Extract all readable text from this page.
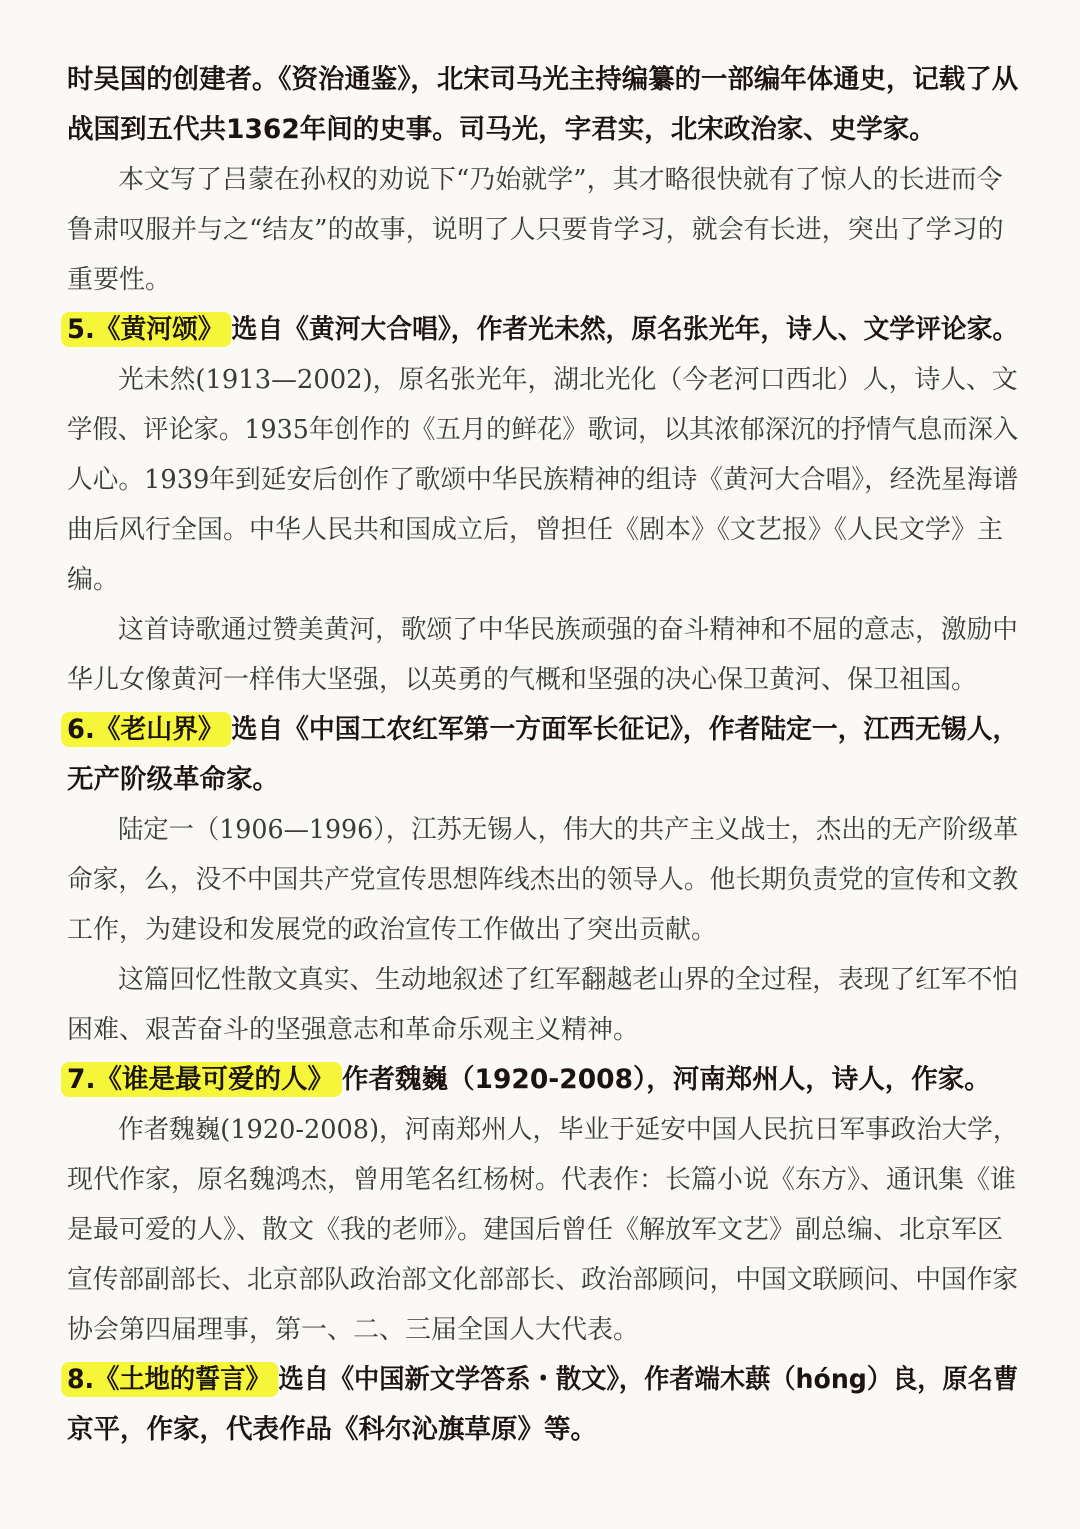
时吴国的创建者。《资治通鉴》，北宋司马光主持编纂的一部编年体通史，记载了从
战国到五代共1362年间的史事。司马光，字君实，北宋政治家、史学家。
本文写了吕蒙在孙权的劝说下“乃始就学”，其才略很快就有了惊人的长进而令
鲁肃叹服并与之“结友”的故事，说明了人只要肯学习，就会有长进，突出了学习的
重要性。
5.《黄河颂》 选自《黄河大合唱》，作者光未然，原名张光年，诗人、文学评论家。
光未然(1913—2002)，原名张光年，湖北光化（今老河口西北）人，诗人、文
学假、评论家。1935年创作的《五月的鲜花》歌词，以其浓郁深沉的抒情气息而深入
人心。1939年到延安后创作了歌颂中华民族精神的组诗《黄河大合唱》，经洗星海谱
曲后风行全国。中华人民共和国成立后，曾担任《剧本》《文艺报》《人民文学》主
编。
这首诗歌通过赞美黄河，歌颂了中华民族顽强的奋斗精神和不屈的意志，激励中
华儿女像黄河一样伟大坚强，以英勇的气概和坚强的决心保卫黄河、保卫祖国。
6.《老山界》 选自《中国工农红军第一方面军长征记》，作者陆定一，江西无锡人，
无产阶级革命家。
陆定一（1906—1996），江苏无锡人，伟大的共产主义战士，杰出的无产阶级革
命家，么，没不中国共产党宣传思想阵线杰出的领导人。他长期负责党的宣传和文教
工作，为建设和发展党的政治宣传工作做出了突出贡献。
这篇回忆性散文真实、生动地叙述了红军翻越老山界的全过程，表现了红军不怕
困难、艰苦奋斗的坚强意志和革命乐观主义精神。
7.《谁是最可爱的人》 作者魏巍（1920-2008），河南郑州人，诗人，作家。
作者魏巍(1920-2008)，河南郑州人，毕业于延安中国人民抗日军事政治大学，
现代作家，原名魏鸿杰，曾用笔名红杨树。代表作：长篇小说《东方》、通讯集《谁
是最可爱的人》、散文《我的老师》。建国后曾任《解放军文艺》副总编、北京军区
宣传部副部长、北京部队政治部文化部部长、政治部顾问，中国文联顾问、中国作家
协会第四届理事，第一、二、三届全国人大代表。
8.《土地的誓言》 选自《中国新文学答系・散文》，作者端木蕻（hóng）良，原名曹
京平，作家，代表作品《科尔沁旗草原》等。
